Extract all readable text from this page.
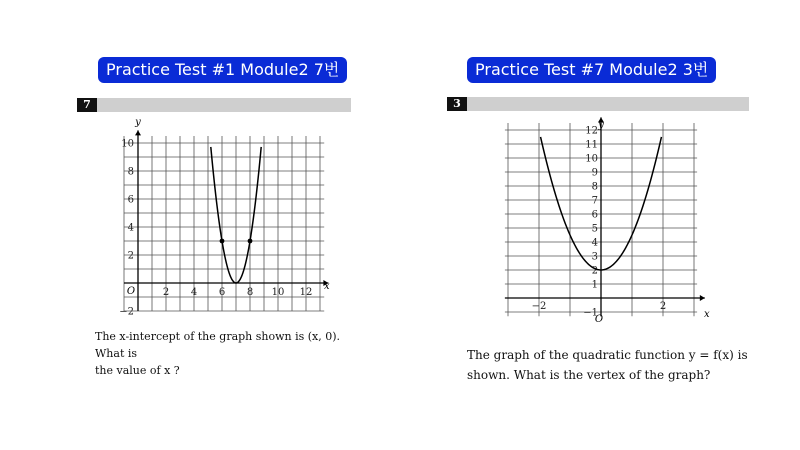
Practice Test #1 Module2 7번
7
2 4 6 8 10 12
10
8
6
4
2
−2
y
x
O
The x-intercept of the graph shown is (x, 0). What is
the value of x ?
Practice Test #7 Module2 3번
3
−2	2
12
11
10
9
8
7
6
5
4
3
2
1
−1
y
x
O
The graph of the quadratic function y = f(x) is
shown. What is the vertex of the graph?
